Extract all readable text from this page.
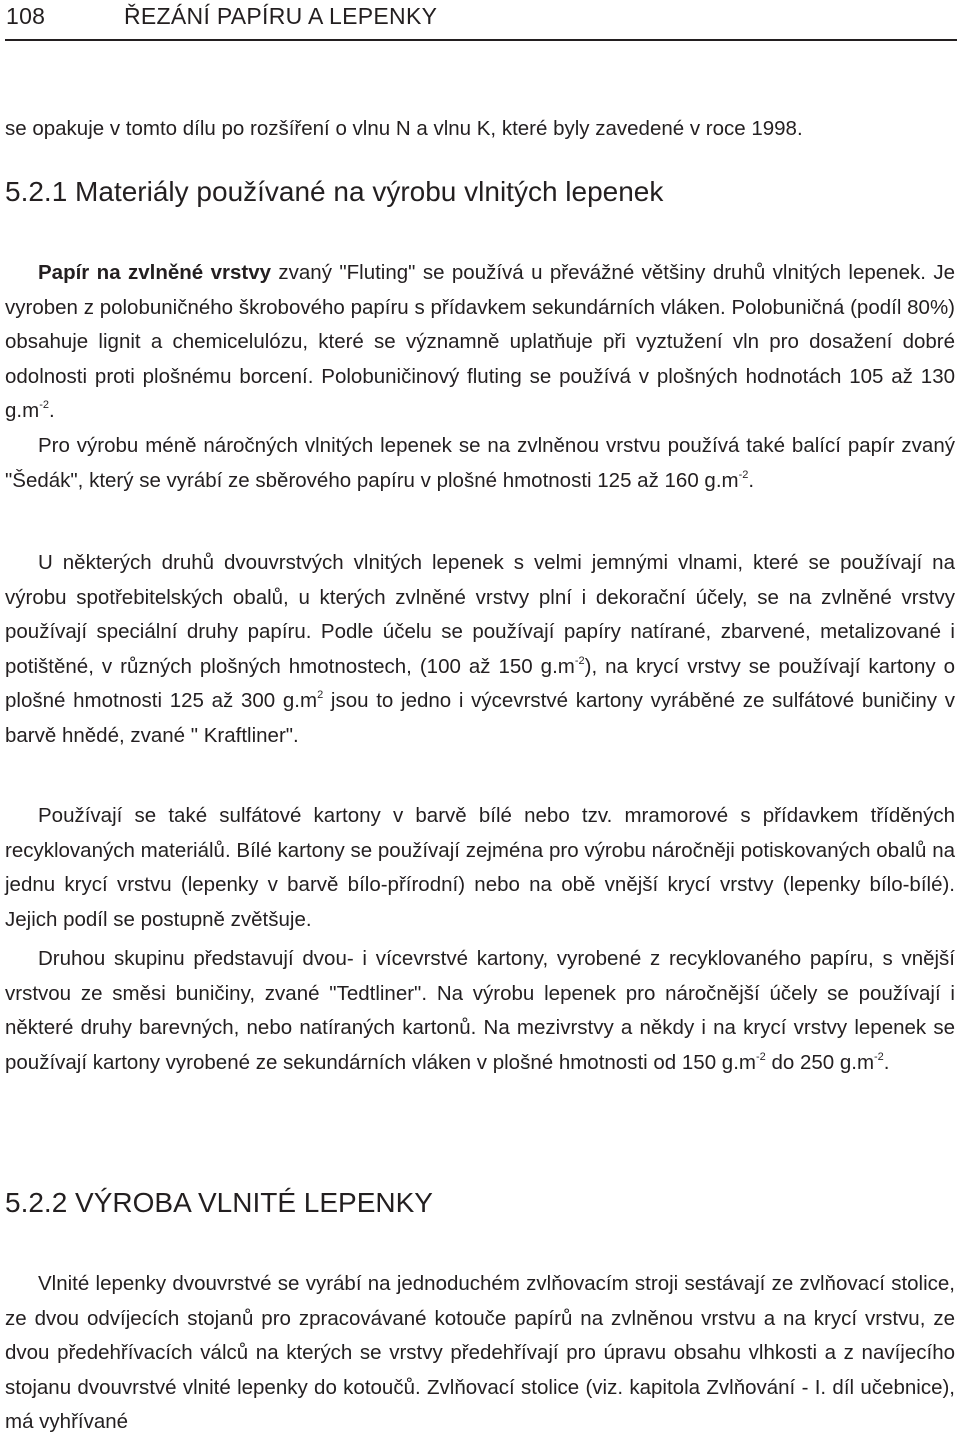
108	ŘEZÁNÍ PAPÍRU A LEPENKY

se opakuje v tomto dílu po rozšíření o vlnu N a vlnu K, které byly zavedené v roce 1998.

5.2.1 Materiály používané na výrobu vlnitých lepenek

Papír na zvlněné vrstvy zvaný "Fluting" se používá u převážné většiny druhů vlnitých lepenek. Je vyroben z polobuničného škrobového papíru s přídavkem sekundárních vláken. Polobuničná (podíl 80%) obsahuje lignit a chemicelulózu, které se významně uplatňuje při vyztužení vln pro dosažení dobré odolnosti proti plošnému borcení. Polobuničinový fluting se používá v plošných hodnotách 105 až 130 $g.m^{-2}$.
Pro výrobu méně náročných vlnitých lepenek se na zvlněnou vrstvu používá také balící papír zvaný "Šedák", který se vyrábí ze sběrového papíru v plošné hmotnosti 125 až 160 $g.m^{-2}$.

U některých druhů dvouvrstvých vlnitých lepenek s velmi jemnými vlnami, které se používají na výrobu spotřebitelských obalů, u kterých zvlněné vrstvy plní i dekorační účely, se na zvlněné vrstvy používají speciální druhy papíru. Podle účelu se používají papíry natírané, zbarvené, metalizované i potištěné, v různých plošných hmotnostech, (100 až 150 $g.m^{-2}$), na krycí vrstvy se používají kartony o plošné hmotnosti 125 až 300 $g.m^2$ jsou to jedno i výcevrstvé kartony vyráběné ze sulfátové buničiny v barvě hnědé, zvané " Kraftliner".

Používají se také sulfátové kartony v barvě bílé nebo tzv. mramorové s přídavkem tříděných recyklovaných materiálů. Bílé kartony se používají zejména pro výrobu náročněji potiskovaných obalů na jednu krycí vrstvu (lepenky v barvě bílo-přírodní) nebo na obě vnější krycí vrstvy (lepenky bílo-bílé). Jejich podíl se postupně zvětšuje.

Druhou skupinu představují dvou- i vícevrstvé kartony, vyrobené z recyklovaného papíru, s vnější vrstvou ze směsi buničiny, zvané "Tedtliner". Na výrobu lepenek pro náročnější účely se používají i některé druhy barevných, nebo natíraných kartonů. Na mezivrstvy a někdy i na krycí vrstvy lepenek se používají kartony vyrobené ze sekundárních vláken v plošné hmotnosti od 150 $g.m^{-2}$ do 250 $g.m^{-2}$.

5.2.2 VÝROBA VLNITÉ LEPENKY

Vlnité lepenky dvouvrstvé se vyrábí na jednoduchém zvlňovacím stroji sestávají ze zvlňovací stolice, ze dvou odvíjecích stojanů pro zpracovávané kotouče papírů na zvlněnou vrstvu a na krycí vrstvu, ze dvou předehřívacích válců na kterých se vrstvy předehřívají pro úpravu obsahu vlhkosti a z navíjecího stojanu dvouvrstvé vlnité lepenky do kotoučů. Zvlňovací stolice (viz. kapitola Zvlňování - I. díl učebnice), má vyhřívané
